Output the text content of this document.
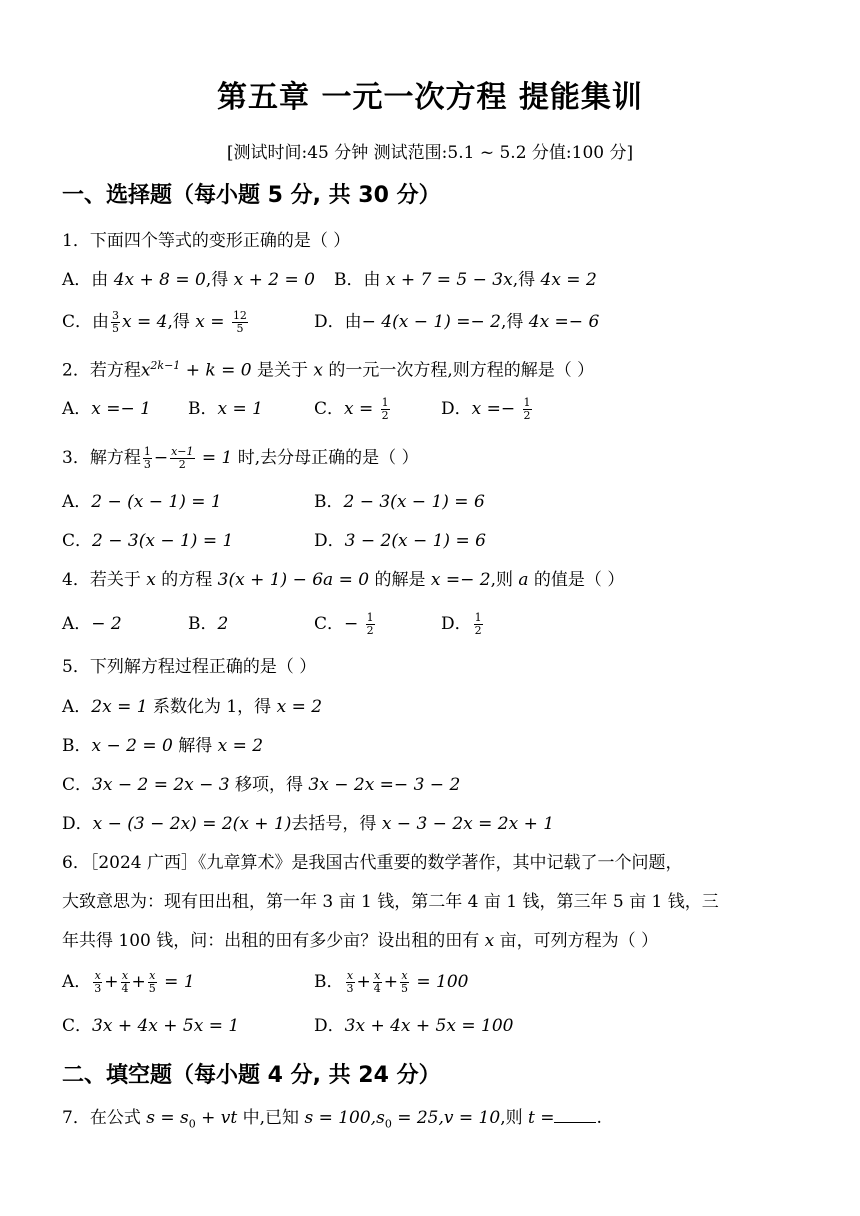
第五章 一元一次方程 提能集训
[测试时间:45 分钟 测试范围:5.1 ~ 5.2 分值:100 分]
一、选择题（每小题 5 分, 共 30 分）
1．下面四个等式的变形正确的是（ ）
A．由 4x + 8 = 0,得 x + 2 = 0 B．由 x + 7 = 5 − 3x,得 4x = 2
C．由 $\frac{3}{5}$ x = 4,得 $x = \frac{12}{5}$	D．由− 4(x − 1) =− 2,得 4x =− 6
2．若方程$x^{2k-1} + k = 0$ 是关于 x 的一元一次方程,则方程的解是（ ）
A．x =− 1 B．x = 1	C．$x = \frac{1}{2}$	D．$x =- \frac{1}{2}$
3．解方程 $\frac{1}{3} - \frac{x-1}{2} = 1$ 时,去分母正确的是（ ）
A．2 − (x − 1) = 1	B．2 − 3(x − 1) = 6
C．2 − 3(x − 1) = 1	D．3 − 2(x − 1) = 6
4．若关于 x 的方程 3(x + 1) − 6a = 0 的解是 x =− 2,则 a 的值是（ ）
A．− 2	B．2	C．− $\frac{1}{2}$	D． $\frac{1}{2}$
5．下列解方程过程正确的是（ ）
A．2x = 1 系数化为 1，得 x = 2
B．x − 2 = 0 解得 x = 2
C．3x − 2 = 2x − 3 移项，得 3x − 2x =− 3 − 2
D．x − (3 − 2x) = 2(x + 1)去括号，得 x − 3 − 2x = 2x + 1
6．［2024 广西］《九章算术》是我国古代重要的数学著作，其中记载了一个问题，
大致意思为：现有田出租，第一年 3 亩 1 钱，第二年 4 亩 1 钱，第三年 5 亩 1 钱，三
年共得 100 钱，问：出租的田有多少亩？设出租的田有 x 亩，可列方程为（ ）
A． $\frac{x}{3} + \frac{x}{4} + \frac{x}{5} = 1$	B． $\frac{x}{3} + \frac{x}{4} + \frac{x}{5} = 100$
C．3x + 4x + 5x = 1	D．3x + 4x + 5x = 100
二、填空题（每小题 4 分, 共 24 分）
7．在公式 $s = s_0$ + vt 中,已知 $s = 100,s_0 = 25,v = 10$,则 t = .
